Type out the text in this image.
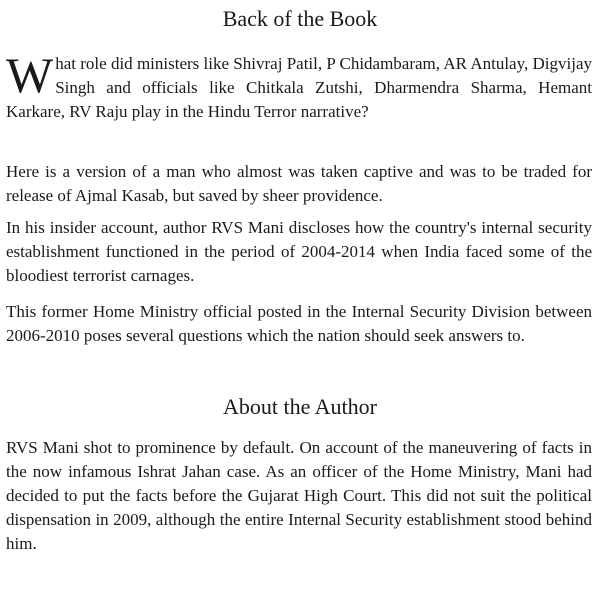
Back of the Book

What role did ministers like Shivraj Patil, P Chidambaram, AR Antulay, Digvijay Singh and officials like Chitkala Zutshi, Dharmendra Sharma, Hemant Karkare, RV Raju play in the Hindu Terror narrative?

Here is a version of a man who almost was taken captive and was to be traded for release of Ajmal Kasab, but saved by sheer providence.

In his insider account, author RVS Mani discloses how the country's internal security establishment functioned in the period of 2004-2014 when India faced some of the bloodiest terrorist carnages.

This former Home Ministry official posted in the Internal Security Division between 2006-2010 poses several questions which the nation should seek answers to.

About the Author

RVS Mani shot to prominence by default. On account of the maneuvering of facts in the now infamous Ishrat Jahan case. As an officer of the Home Ministry, Mani had decided to put the facts before the Gujarat High Court. This did not suit the political dispensation in 2009, although the entire Internal Security establishment stood behind him.
